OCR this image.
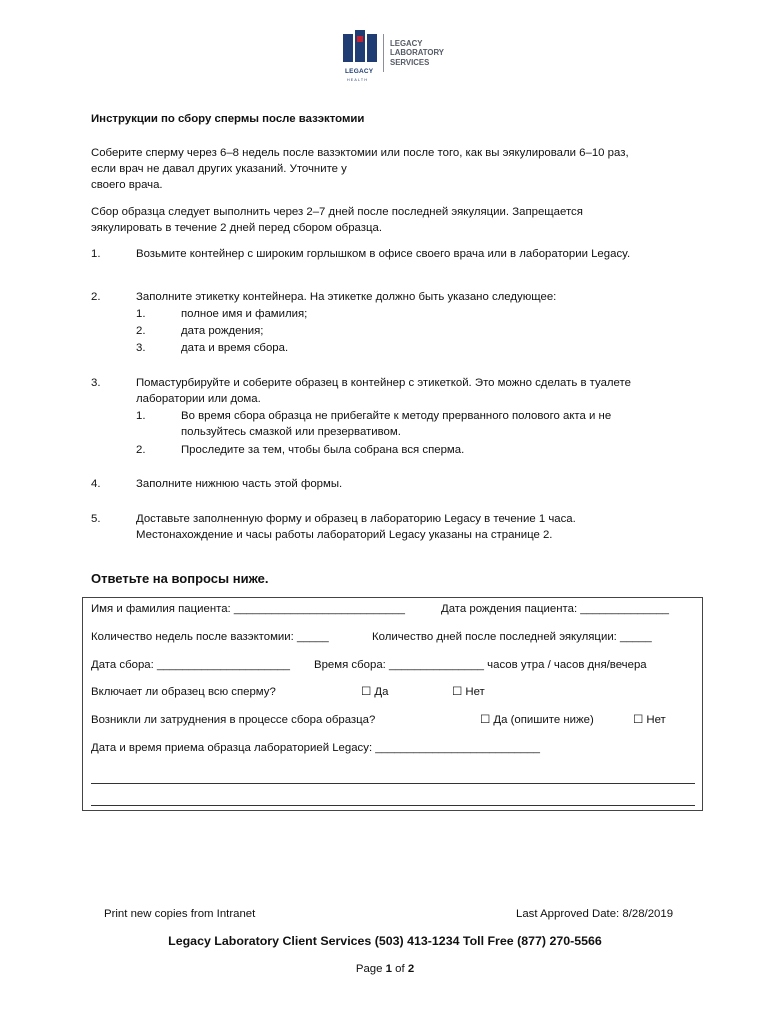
LEGACY
HEALTH
LEGACY
LABORATORY
SERVICES
Инструкции по сбору спермы после вазэктомии
Соберите сперму через 6–8 недель после вазэктомии или после того, как вы эякулировали 6–10 раз,
если врач не давал других указаний. Уточните у
своего врача.
Сбор образца следует выполнить через 2–7 дней после последней эякуляции. Запрещается
эякулировать в течение 2 дней перед сбором образца.
1.	Возьмите контейнер с широким горлышком в офисе своего врача или в лаборатории Legacy.
2.	Заполните этикетку контейнера. На этикетке должно быть указано следующее:
1.	полное имя и фамилия;
2.	дата рождения;
3.	дата и время сбора.
3.	Помастурбируйте и соберите образец в контейнер с этикеткой. Это можно сделать в туалете
лаборатории или дома.
1.	Во время сбора образца не прибегайте к методу прерванного полового акта и не
пользуйтесь смазкой или презервативом.
2.	Проследите за тем, чтобы была собрана вся сперма.
4.	Заполните нижнюю часть этой формы.
5.	Доставьте заполненную форму и образец в лабораторию Legacy в течение 1 часа.
Местонахождение и часы работы лабораторий Legacy указаны на странице 2.
Ответьте на вопросы ниже.
Имя и фамилия пациента: ___________________________	Дата рождения пациента: ______________
Количество недель после вазэктомии: _____	Количество дней после последней эякуляции: _____
Дата сбора: _____________________ Время сбора: _______________ часов утра / часов дня/вечера
Включает ли образец всю сперму?	☐ Да	☐ Нет
Возникли ли затруднения в процессе сбора образца?	☐ Да (опишите ниже)	☐ Нет
Дата и время приема образца лабораторией Legacy: __________________________
Print new copies from Intranet	Last Approved Date: 8/28/2019
Legacy Laboratory Client Services (503) 413-1234 Toll Free (877) 270-5566
Page 1 of 2
